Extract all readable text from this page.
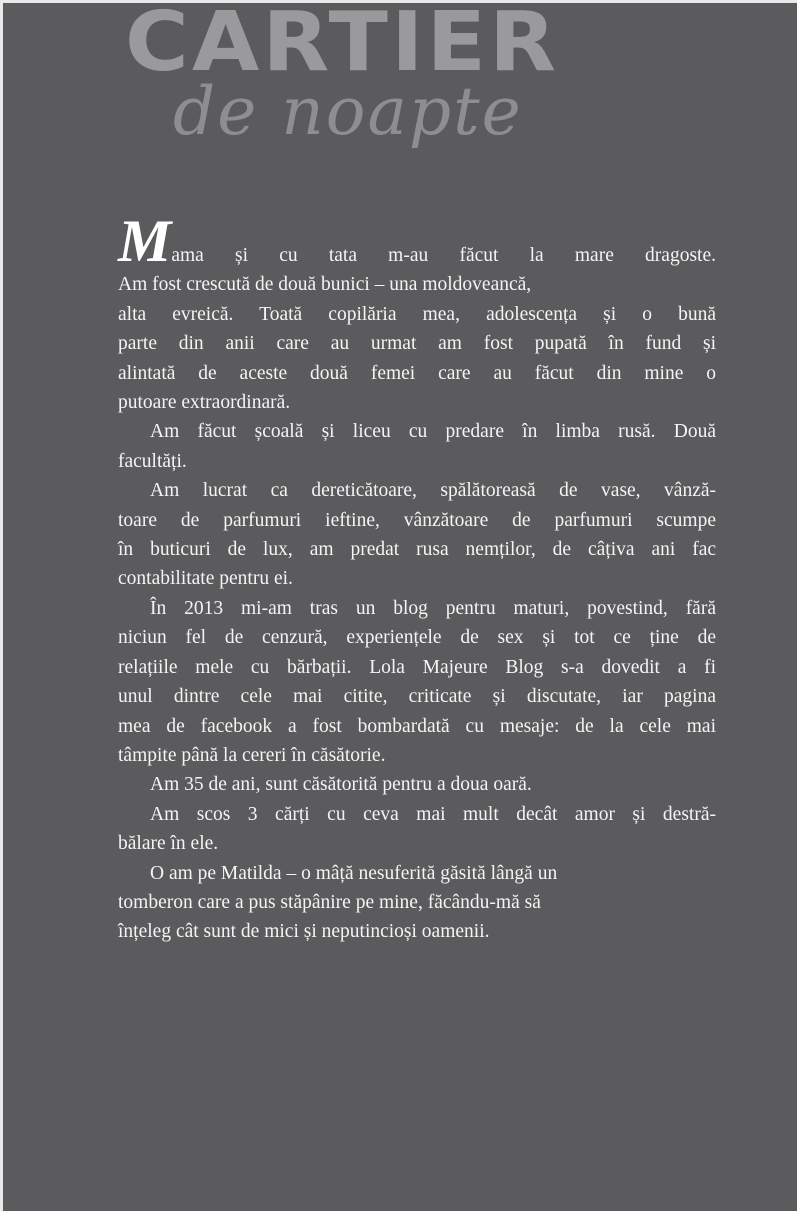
CARTIER
de noapte

Mama și cu tata m-au făcut la mare dragoste.
Am fost crescută de două bunici – una moldoveancă,
alta evreică. Toată copilăria mea, adolescența și o bună
parte din anii care au urmat am fost pupată în fund și
alintată de aceste două femei care au făcut din mine o
putoare extraordinară.

Am făcut școală și liceu cu predare în limba rusă. Două
facultăți.

Am lucrat ca dereticătoare, spălătoreasă de vase, vânză-
toare de parfumuri ieftine, vânzătoare de parfumuri scumpe
în buticuri de lux, am predat rusa nemților, de câțiva ani fac
contabilitate pentru ei.

În 2013 mi-am tras un blog pentru maturi, povestind, fără
niciun fel de cenzură, experiențele de sex și tot ce ține de
relațiile mele cu bărbații. Lola Majeure Blog s-a dovedit a fi
unul dintre cele mai citite, criticate și discutate, iar pagina
mea de facebook a fost bombardată cu mesaje: de la cele mai
tâmpite până la cereri în căsătorie.

Am 35 de ani, sunt căsătorită pentru a doua oară.

Am scos 3 cărți cu ceva mai mult decât amor și destră-
bălare în ele.

O am pe Matilda – o mâță nesuferită găsită lângă un
tomberon care a pus stăpânire pe mine, făcându-mă să
înțeleg cât sunt de mici și neputincioși oamenii.
